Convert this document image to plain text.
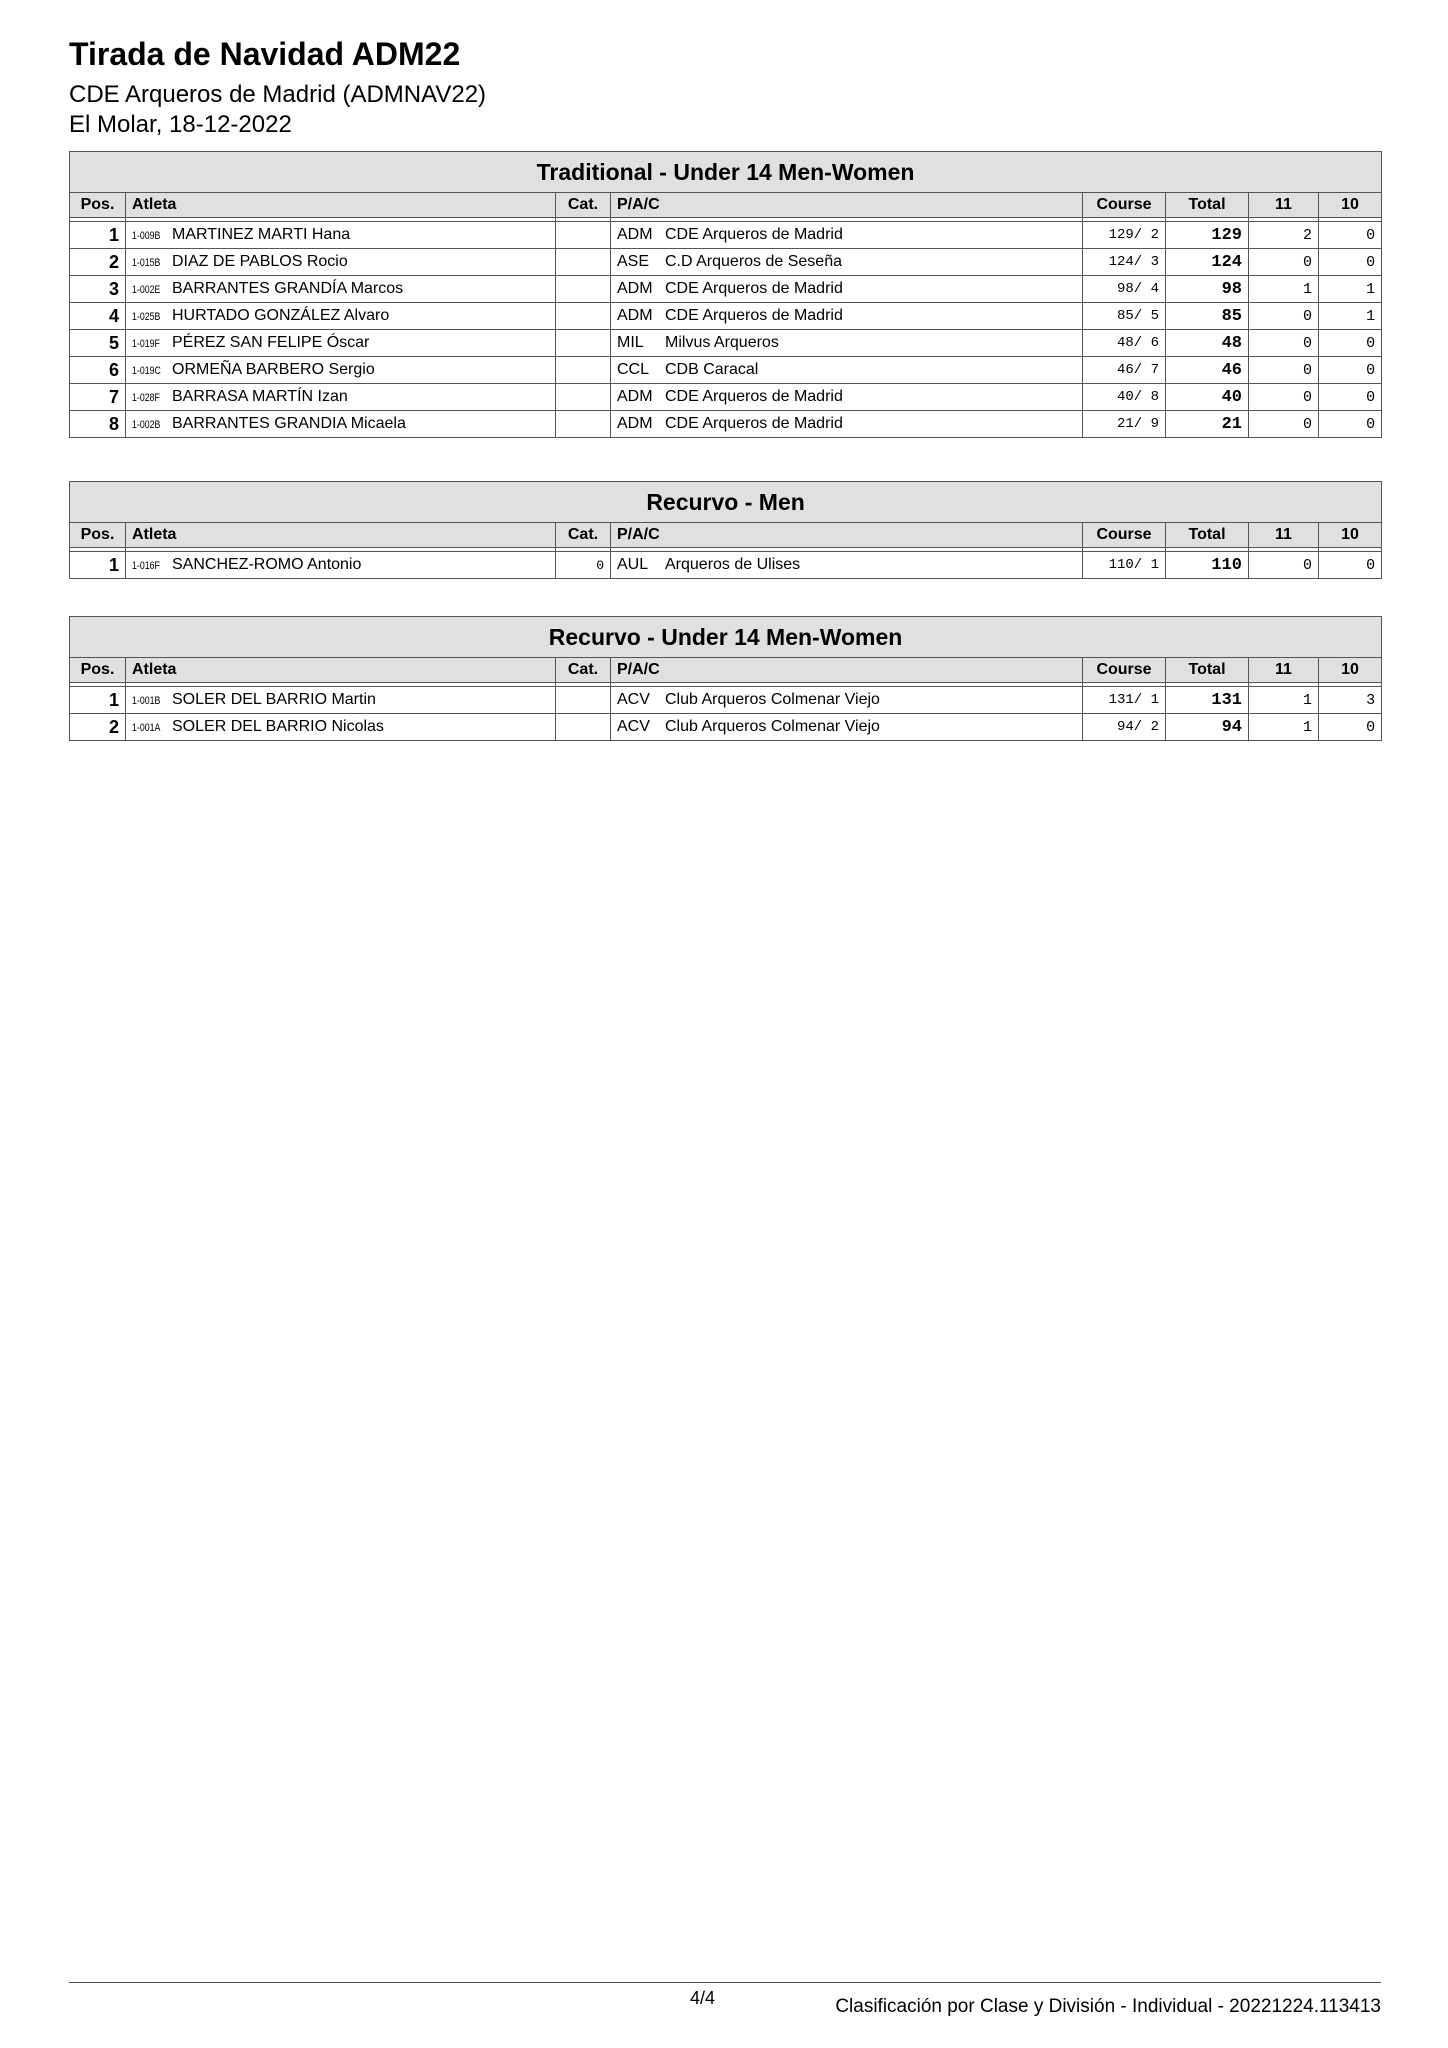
Tirada de Navidad ADM22
CDE Arqueros de Madrid (ADMNAV22)
El Molar, 18-12-2022
Traditional - Under 14 Men-Women							
Pos.	Atleta	Cat.	P/A/C	Course	Total	11	10

1	1-009B MARTINEZ MARTI Hana		ADM CDE Arqueros de Madrid	129/ 2	129	2	0
2	1-015B DIAZ DE PABLOS Rocio		ASE C.D Arqueros de Seseña	124/ 3	124	0	0
3	1-002E BARRANTES GRANDÍA Marcos		ADM CDE Arqueros de Madrid	98/ 4	98	1	1
4	1-025B HURTADO GONZÁLEZ Alvaro		ADM CDE Arqueros de Madrid	85/ 5	85	0	1
5	1-019F PÉREZ SAN FELIPE Óscar		MIL Milvus Arqueros	48/ 6	48	0	0
6	1-019C ORMEÑA BARBERO Sergio		CCL CDB Caracal	46/ 7	46	0	0
7	1-028F BARRASA MARTÍN Izan		ADM CDE Arqueros de Madrid	40/ 8	40	0	0
8	1-002B BARRANTES GRANDIA Micaela		ADM CDE Arqueros de Madrid	21/ 9	21	0	0
Recurvo - Men							
Pos.	Atleta	Cat.	P/A/C	Course	Total	11	10

1	1-016F SANCHEZ-ROMO Antonio	0	AUL Arqueros de Ulises	110/ 1	110	0	0
Recurvo - Under 14 Men-Women							
Pos.	Atleta	Cat.	P/A/C	Course	Total	11	10

1	1-001B SOLER DEL BARRIO Martin		ACV Club Arqueros Colmenar Viejo	131/ 1	131	1	3
2	1-001A SOLER DEL BARRIO Nicolas		ACV Club Arqueros Colmenar Viejo	94/ 2	94	1	0
4/4	Clasificación por Clase y División - Individual - 20221224.113413
